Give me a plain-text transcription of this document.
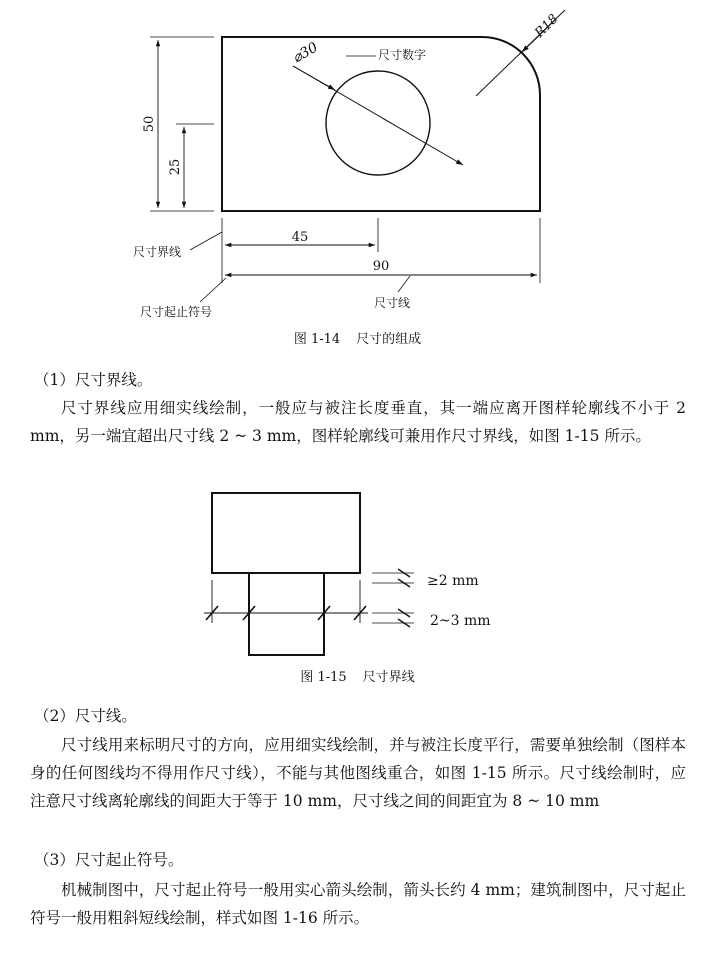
⌀30
R18
尺寸数字
50
25
45
90
尺寸界线
尺寸起止符号
尺寸线
图 1-14 尺寸的组成

（1）尺寸界线。

尺寸界线应用细实线绘制，一般应与被注长度垂直，其一端应离开图样轮廓线不小于 2 mm，另一端宜超出尺寸线 2 ~ 3 mm，图样轮廓线可兼用作尺寸界线，如图 1-15 所示。

≥2 mm
2~3 mm
图 1-15 尺寸界线

（2）尺寸线。

尺寸线用来标明尺寸的方向，应用细实线绘制，并与被注长度平行，需要单独绘制（图样本身的任何图线均不得用作尺寸线），不能与其他图线重合，如图 1-15 所示。尺寸线绘制时，应注意尺寸线离轮廓线的间距大于等于 10 mm，尺寸线之间的间距宜为 8 ~ 10 mm

（3）尺寸起止符号。

机械制图中，尺寸起止符号一般用实心箭头绘制，箭头长约 4 mm；建筑制图中，尺寸起止符号一般用粗斜短线绘制，样式如图 1-16 所示。
